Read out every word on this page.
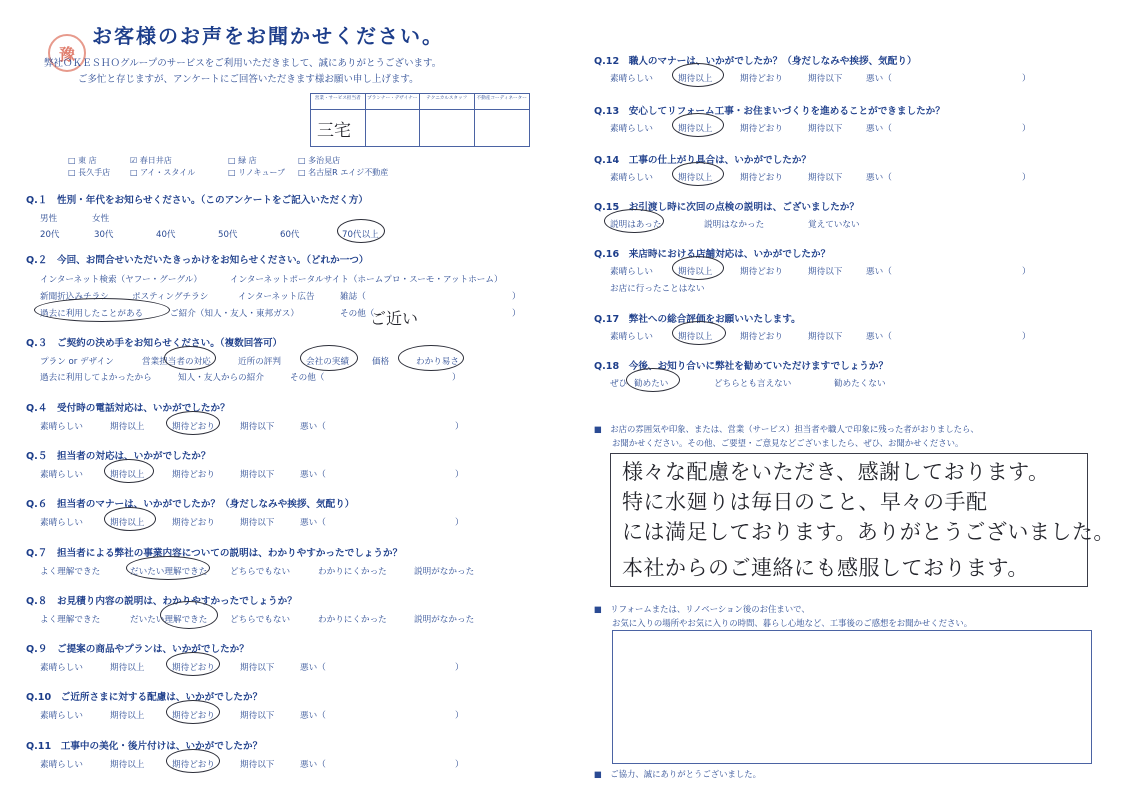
豫
お客様のお声をお聞かせください。
弊社ＯＫＥＳＨＯグループのサービスをご利用いただきまして、誠にありがとうございます。
ご多忙と存じますが、アンケートにご回答いただきます様お願い申し上げます。
営業・サービス担当者	プランナー・デザイナー	テクニカルスタッフ	不動産コーディネーター
三宅
□ 東 店	☑ 春日井店	□ 緑 店	□ 多治見店
□ 長久手店 □ アイ・スタイル	□ リノキューブ □ 名古屋R エイジ不動産
Q.１　性別・年代をお知らせください。（このアンケートをご記入いただく方）
男性	女性
20代	30代	40代	50代	60代	70代以上
Q.２　今回、お問合せいただいたきっかけをお知らせください。（どれか一つ）
インターネット検索（ヤフー・グーグル）	インターネットポータルサイト（ホームプロ・スーモ・アットホーム）
新聞折込みチラシ	ポスティングチラシ	インターネット広告	雑誌（	）
過去に利用したことがある	ご紹介（知人・友人・東邦ガス）	その他（	）
ご近い
Q.３　ご契約の決め手をお知らせください。（複数回答可）
プラン or デザイン	営業担当者の対応	近所の評判	会社の実績	価格	わかり易さ
過去に利用してよかったから	知人・友人からの紹介	その他（	）
Q.４　受付時の電話対応は、いかがでしたか？
素晴らしい	期待以上	期待どおり	期待以下	悪い（	）
Q.５　担当者の対応は、いかがでしたか？
素晴らしい	期待以上	期待どおり	期待以下	悪い（	）
Q.６　担当者のマナーは、いかがでしたか？（身だしなみや挨拶、気配り）
素晴らしい	期待以上	期待どおり	期待以下	悪い（	）
Q.７　担当者による弊社の事業内容についての説明は、わかりやすかったでしょうか？
よく理解できた	だいたい理解できた	どちらでもない	わかりにくかった	説明がなかった
Q.８　お見積り内容の説明は、わかりやすかったでしょうか？
よく理解できた	だいたい理解できた	どちらでもない	わかりにくかった	説明がなかった
Q.９　ご提案の商品やプランは、いかがでしたか？
素晴らしい	期待以上	期待どおり	期待以下	悪い（	）
Q.10　ご近所さまに対する配慮は、いかがでしたか？
素晴らしい	期待以上	期待どおり	期待以下	悪い（	）
Q.11　工事中の美化・後片付けは、いかがでしたか？
素晴らしい	期待以上	期待どおり	期待以下	悪い（	）
Q.12　職人のマナーは、いかがでしたか？（身だしなみや挨拶、気配り）
素晴らしい	期待以上	期待どおり	期待以下	悪い（	）
Q.13　安心してリフォーム工事・お住まいづくりを進めることができましたか？
素晴らしい	期待以上	期待どおり	期待以下	悪い（	）
Q.14　工事の仕上がり具合は、いかがでしたか？
素晴らしい	期待以上	期待どおり	期待以下	悪い（	）
Q.15　お引渡し時に次回の点検の説明は、ございましたか？
説明はあった	説明はなかった	覚えていない
Q.16　来店時における店舗対応は、いかがでしたか？
素晴らしい	期待以上	期待どおり	期待以下	悪い（	）
お店に行ったことはない
Q.17　弊社への総合評価をお願いいたします。
素晴らしい	期待以上	期待どおり	期待以下	悪い（	）
Q.18　今後、お知り合いに弊社を勧めていただけますでしょうか？
ぜひ 勧めたい	どちらとも言えない	勧めたくない
■　お店の雰囲気や印象、または、営業（サービス）担当者や職人で印象に残った者がおりましたら、
お聞かせください。その他、ご要望・ご意見などございましたら、ぜひ、お聞かせください。
様々な配慮をいただき、感謝しております。
特に水廻りは毎日のこと、早々の手配
には満足しております。ありがとうございました。
本社からのご連絡にも感服しております。
■　リフォームまたは、リノベーション後のお住まいで、
お気に入りの場所やお気に入りの時間、暮らし心地など、工事後のご感想をお聞かせください。
■　ご協力、誠にありがとうございました。
